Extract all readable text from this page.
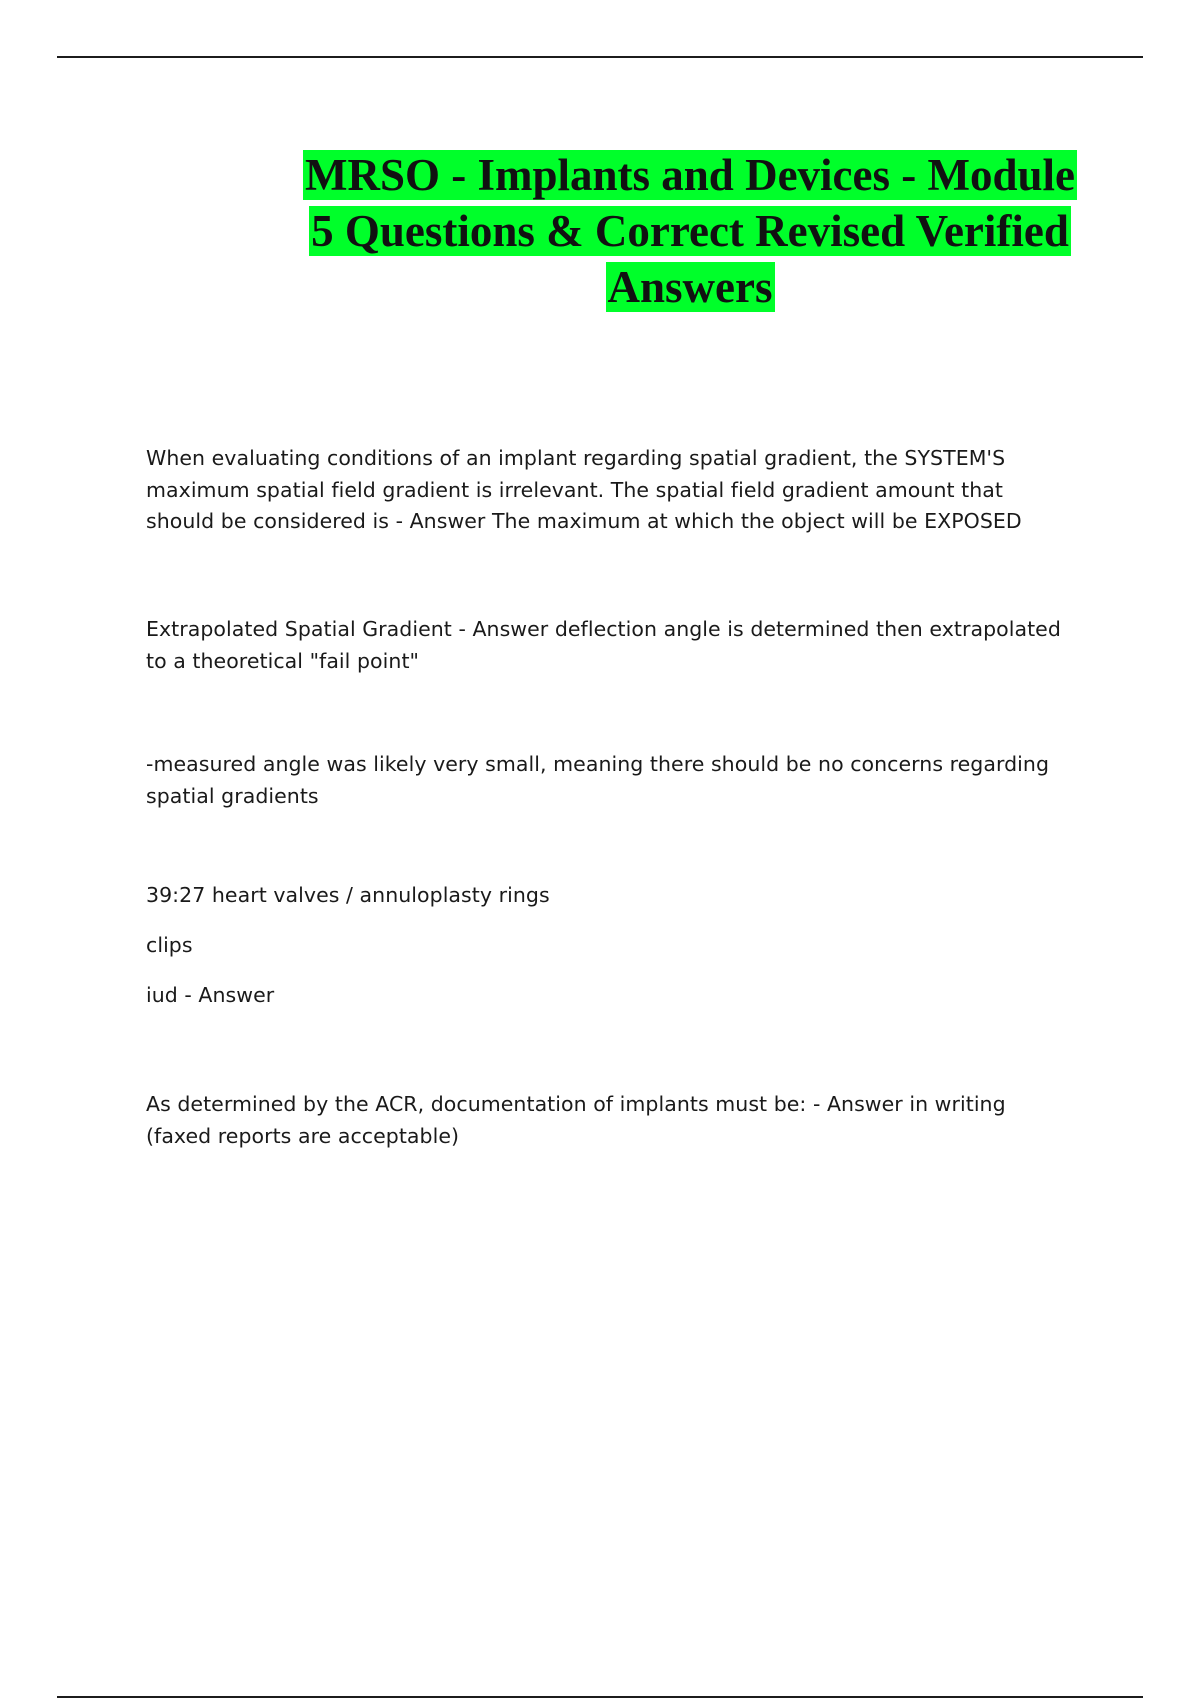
MRSO - Implants and Devices - Module
5 Questions & Correct Revised Verified
Answers

When evaluating conditions of an implant regarding spatial gradient, the SYSTEM'S maximum spatial field gradient is irrelevant. The spatial field gradient amount that should be considered is - Answer The maximum at which the object will be EXPOSED

Extrapolated Spatial Gradient - Answer deflection angle is determined then extrapolated to a theoretical "fail point"

-measured angle was likely very small, meaning there should be no concerns regarding spatial gradients

39:27 heart valves / annuloplasty rings

clips

iud - Answer

As determined by the ACR, documentation of implants must be: - Answer in writing (faxed reports are acceptable)
